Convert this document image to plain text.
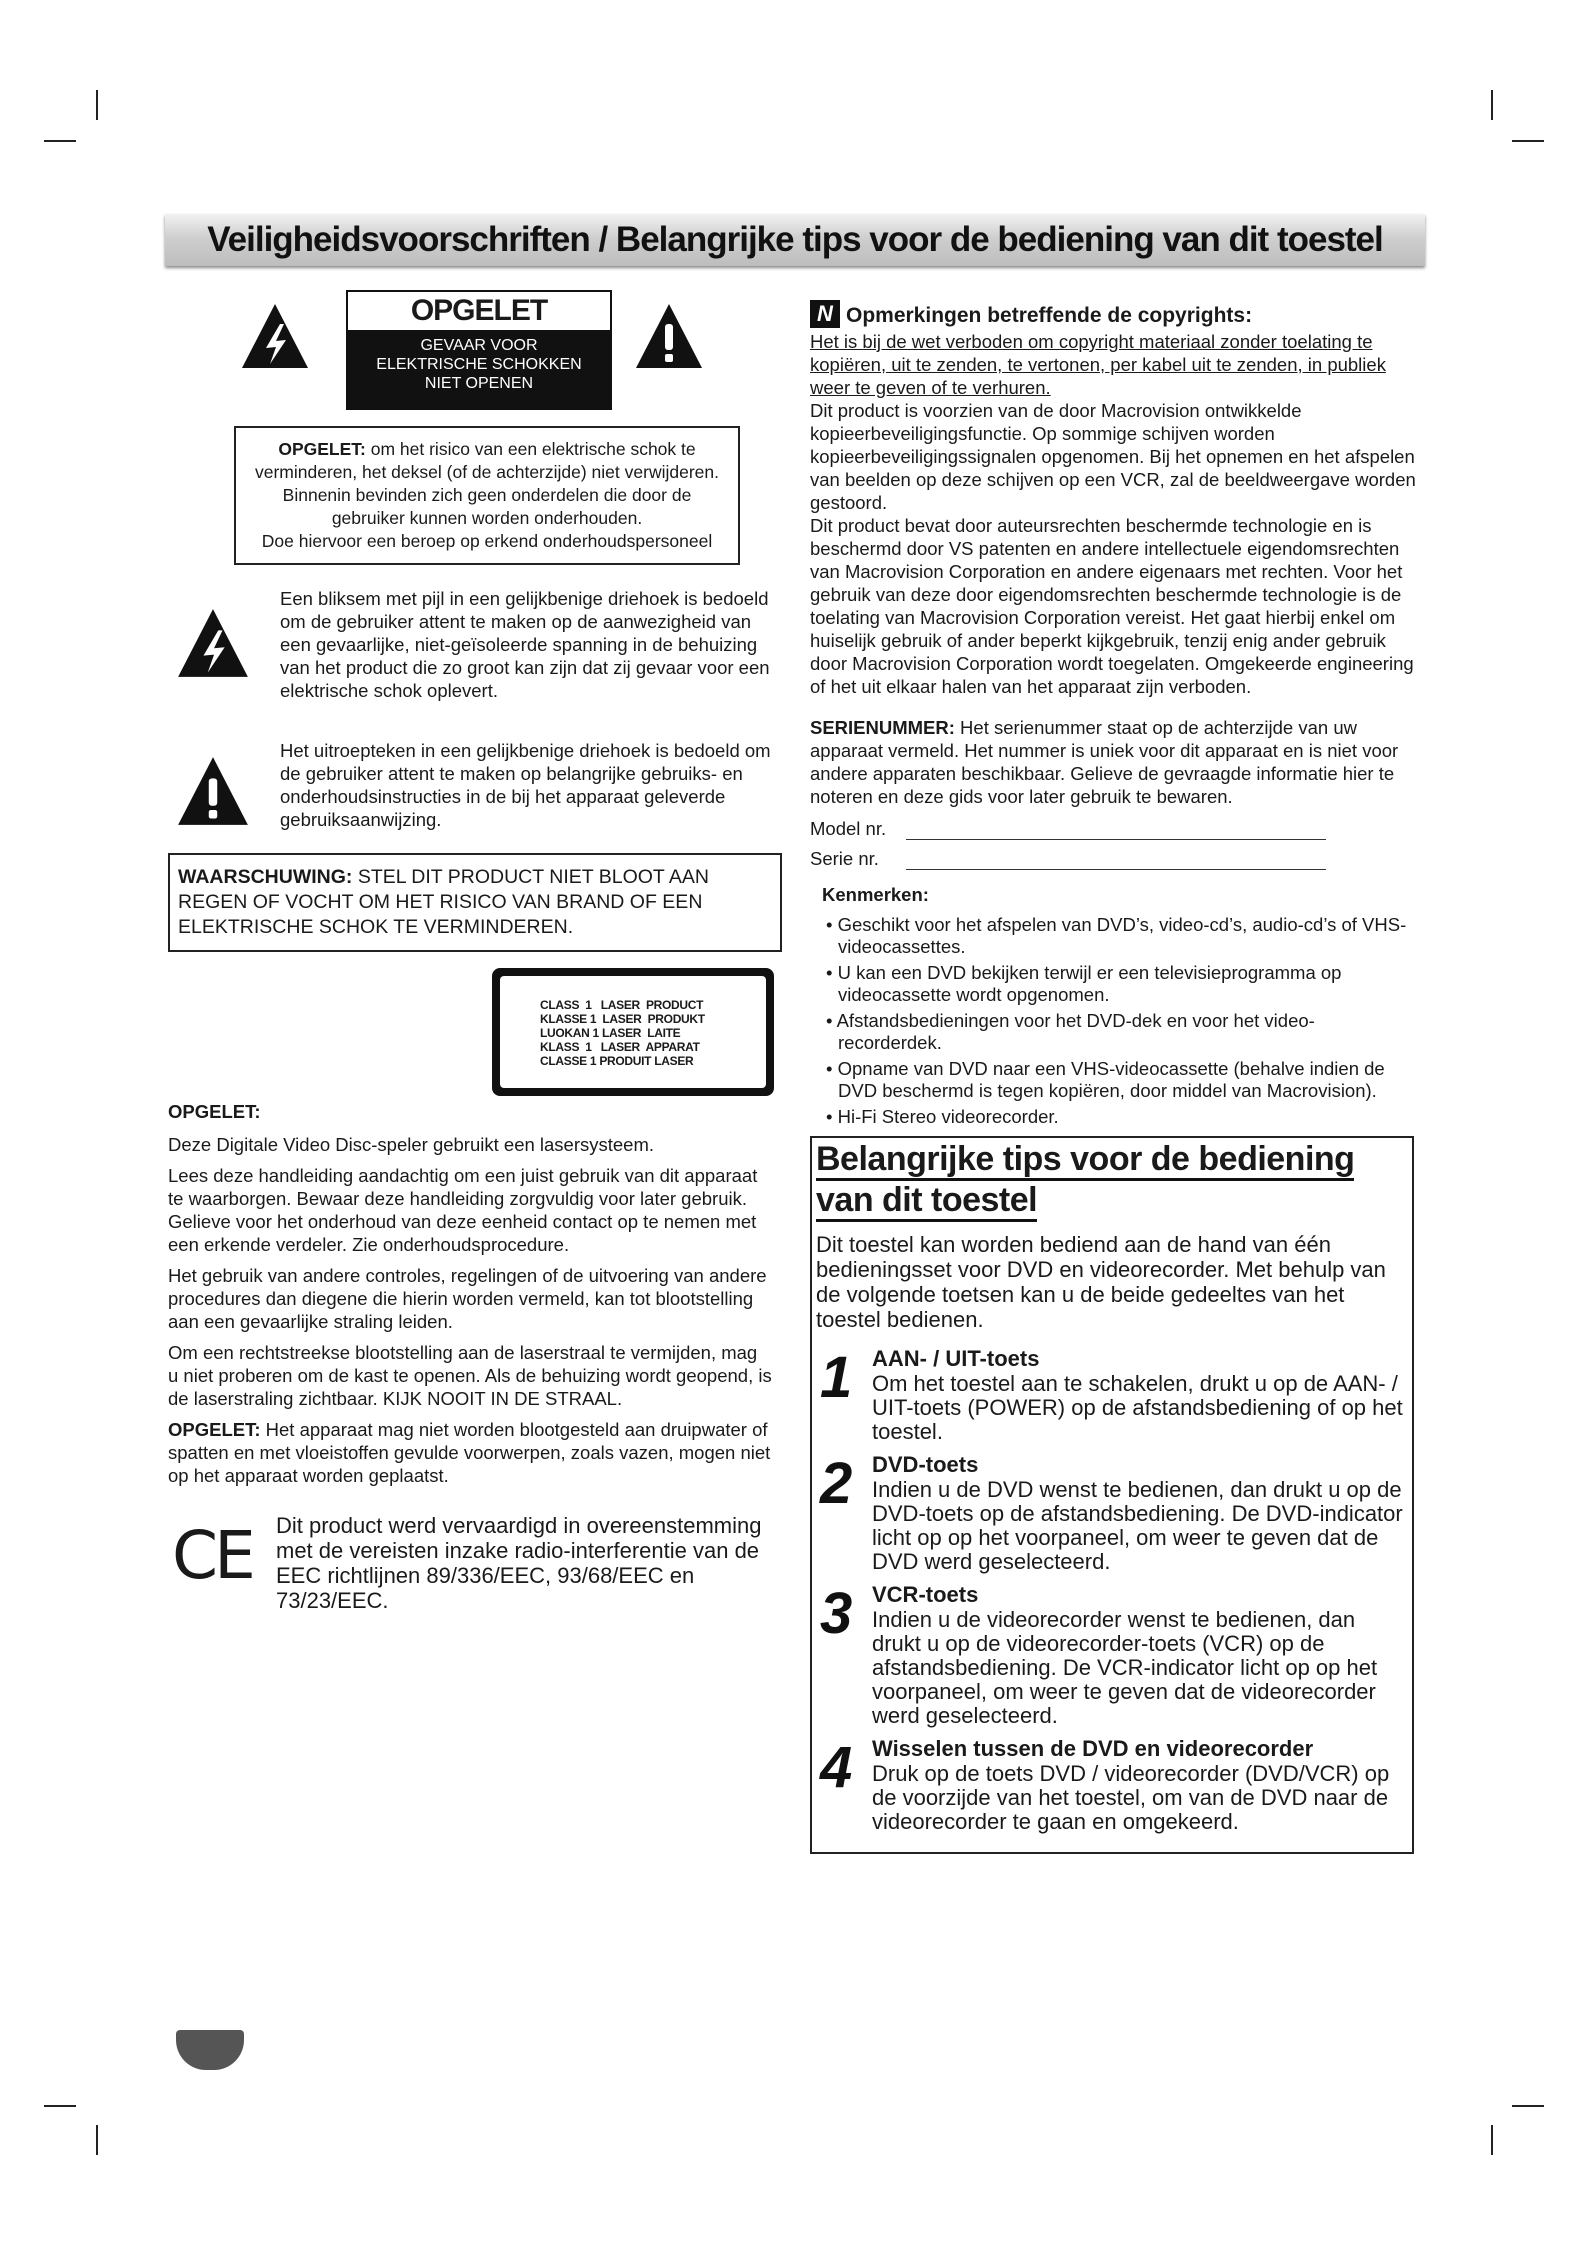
Veiligheidsvoorschriften / Belangrijke tips voor de bediening van dit toestel
OPGELET
GEVAAR VOOR
ELEKTRISCHE SCHOKKEN
NIET OPENEN

OPGELET: om het risico van een elektrische schok te verminderen, het deksel (of de achterzijde) niet verwijderen.

Binnenin bevinden zich geen onderdelen die door de gebruiker kunnen worden onderhouden.

Doe hiervoor een beroep op erkend onderhoudspersoneel

Een bliksem met pijl in een gelijkbenige driehoek is bedoeld om de gebruiker attent te maken op de aanwezigheid van een gevaarlijke, niet-geïsoleerde spanning in de behuizing van het product die zo groot kan zijn dat zij gevaar voor een elektrische schok oplevert.

Het uitroepteken in een gelijkbenige driehoek is bedoeld om de gebruiker attent te maken op belangrijke gebruiks- en onderhoudsinstructies in de bij het apparaat geleverde gebruiksaanwijzing.

WAARSCHUWING: STEL DIT PRODUCT NIET BLOOT AAN REGEN OF VOCHT OM HET RISICO VAN BRAND OF EEN ELEKTRISCHE SCHOK TE VERMINDEREN.
CLASS  1   LASER  PRODUCT
KLASSE 1  LASER  PRODUKT
LUOKAN 1 LASER  LAITE
KLASS  1   LASER  APPARAT
CLASSE 1 PRODUIT LASER

OPGELET:

Deze Digitale Video Disc-speler gebruikt een lasersysteem.

Lees deze handleiding aandachtig om een juist gebruik van dit apparaat te waarborgen. Bewaar deze handleiding zorgvuldig voor later gebruik. Gelieve voor het onderhoud van deze eenheid contact op te nemen met een erkende verdeler. Zie onderhoudsprocedure.

Het gebruik van andere controles, regelingen of de uitvoering van andere procedures dan diegene die hierin worden vermeld, kan tot blootstelling aan een gevaarlijke straling leiden.

Om een rechtstreekse blootstelling aan de laserstraal te vermijden, mag u niet proberen om de kast te openen. Als de behuizing wordt geopend, is de laserstraling zichtbaar. KIJK NOOIT IN DE STRAAL.

OPGELET: Het apparaat mag niet worden blootgesteld aan druipwater of spatten en met vloeistoffen gevulde voorwerpen, zoals vazen, mogen niet op het apparaat worden geplaatst.

CE Dit product werd vervaardigd in overeenstemming met de vereisten inzake radio-interferentie van de EEC richtlijnen 89/336/EEC, 93/68/EEC en 73/23/EEC.

N Opmerkingen betreffende de copyrights:

Het is bij de wet verboden om copyright materiaal zonder toelating te kopiëren, uit te zenden, te vertonen, per kabel uit te zenden, in publiek weer te geven of te verhuren.

Dit product is voorzien van de door Macrovision ontwikkelde kopieerbeveiligingsfunctie. Op sommige schijven worden kopieerbeveiligingssignalen opgenomen. Bij het opnemen en het afspelen van beelden op deze schijven op een VCR, zal de beeldweergave worden gestoord.

Dit product bevat door auteursrechten beschermde technologie en is beschermd door VS patenten en andere intellectuele eigendomsrechten van Macrovision Corporation en andere eigenaars met rechten. Voor het gebruik van deze door eigendomsrechten beschermde technologie is de toelating van Macrovision Corporation vereist. Het gaat hierbij enkel om huiselijk gebruik of ander beperkt kijkgebruik, tenzij enig ander gebruik door Macrovision Corporation wordt toegelaten. Omgekeerde engineering of het uit elkaar halen van het apparaat zijn verboden.

SERIENUMMER: Het serienummer staat op de achterzijde van uw apparaat vermeld. Het nummer is uniek voor dit apparaat en is niet voor andere apparaten beschikbaar. Gelieve de gevraagde informatie hier te noteren en deze gids voor later gebruik te bewaren.

Model nr.
Serie nr.

Kenmerken:

• Geschikt voor het afspelen van DVD’s, video-cd’s, audio-cd’s of VHS-videocassettes.

• U kan een DVD bekijken terwijl er een televisieprogramma op videocassette wordt opgenomen.

• Afstandsbedieningen voor het DVD-dek en voor het video-recorderdek.

• Opname van DVD naar een VHS-videocassette (behalve indien de DVD beschermd is tegen kopiëren, door middel van Macrovision).

• Hi-Fi Stereo videorecorder.

Belangrijke tips voor de bediening
van dit toestel

Dit toestel kan worden bediend aan de hand van één bedieningsset voor DVD en videorecorder. Met behulp van de volgende toetsen kan u de beide gedeeltes van het toestel bedienen.

1 AAN- / UIT-toets
Om het toestel aan te schakelen, drukt u op de AAN- / UIT-toets (POWER) op de afstandsbediening of op het toestel.
2 DVD-toets
Indien u de DVD wenst te bedienen, dan drukt u op de DVD-toets op de afstandsbediening. De DVD-indicator licht op op het voorpaneel, om weer te geven dat de DVD werd geselecteerd.
3 VCR-toets
Indien u de videorecorder wenst te bedienen, dan drukt u op de videorecorder-toets (VCR) op de afstandsbediening. De VCR-indicator licht op op het voorpaneel, om weer te geven dat de videorecorder werd geselecteerd.
4 Wisselen tussen de DVD en videorecorder
Druk op de toets DVD / videorecorder (DVD/VCR) op de voorzijde van het toestel, om van de DVD naar de videorecorder te gaan en omgekeerd.
